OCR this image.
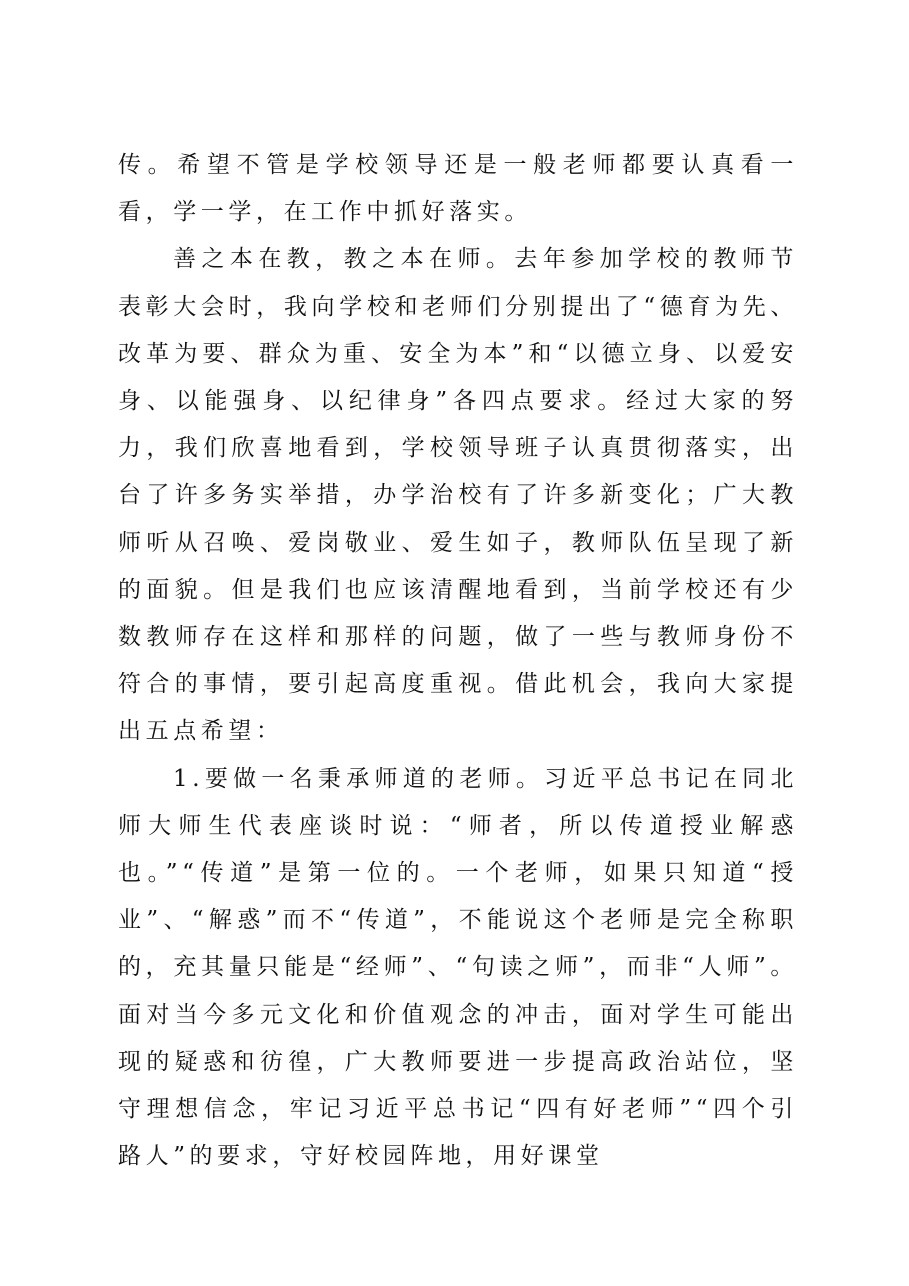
传。希望不管是学校领导还是一般老师都要认真看一看，学一学，在工作中抓好落实。

善之本在教，教之本在师。去年参加学校的教师节表彰大会时，我向学校和老师们分别提出了“德育为先、改革为要、群众为重、安全为本”和“以德立身、以爱安身、以能强身、以纪律身”各四点要求。经过大家的努力，我们欣喜地看到，学校领导班子认真贯彻落实，出台了许多务实举措，办学治校有了许多新变化；广大教师听从召唤、爱岗敬业、爱生如子，教师队伍呈现了新的面貌。但是我们也应该清醒地看到，当前学校还有少数教师存在这样和那样的问题，做了一些与教师身份不符合的事情，要引起高度重视。借此机会，我向大家提出五点希望：

1.要做一名秉承师道的老师。习近平总书记在同北师大师生代表座谈时说：“师者，所以传道授业解惑也。”“传道”是第一位的。一个老师，如果只知道“授业”、“解惑”而不“传道”，不能说这个老师是完全称职的，充其量只能是“经师”、“句读之师”，而非“人师”。面对当今多元文化和价值观念的冲击，面对学生可能出现的疑惑和彷徨，广大教师要进一步提高政治站位，坚守理想信念，牢记习近平总书记“四有好老师”“四个引路人”的要求，守好校园阵地，用好课堂
